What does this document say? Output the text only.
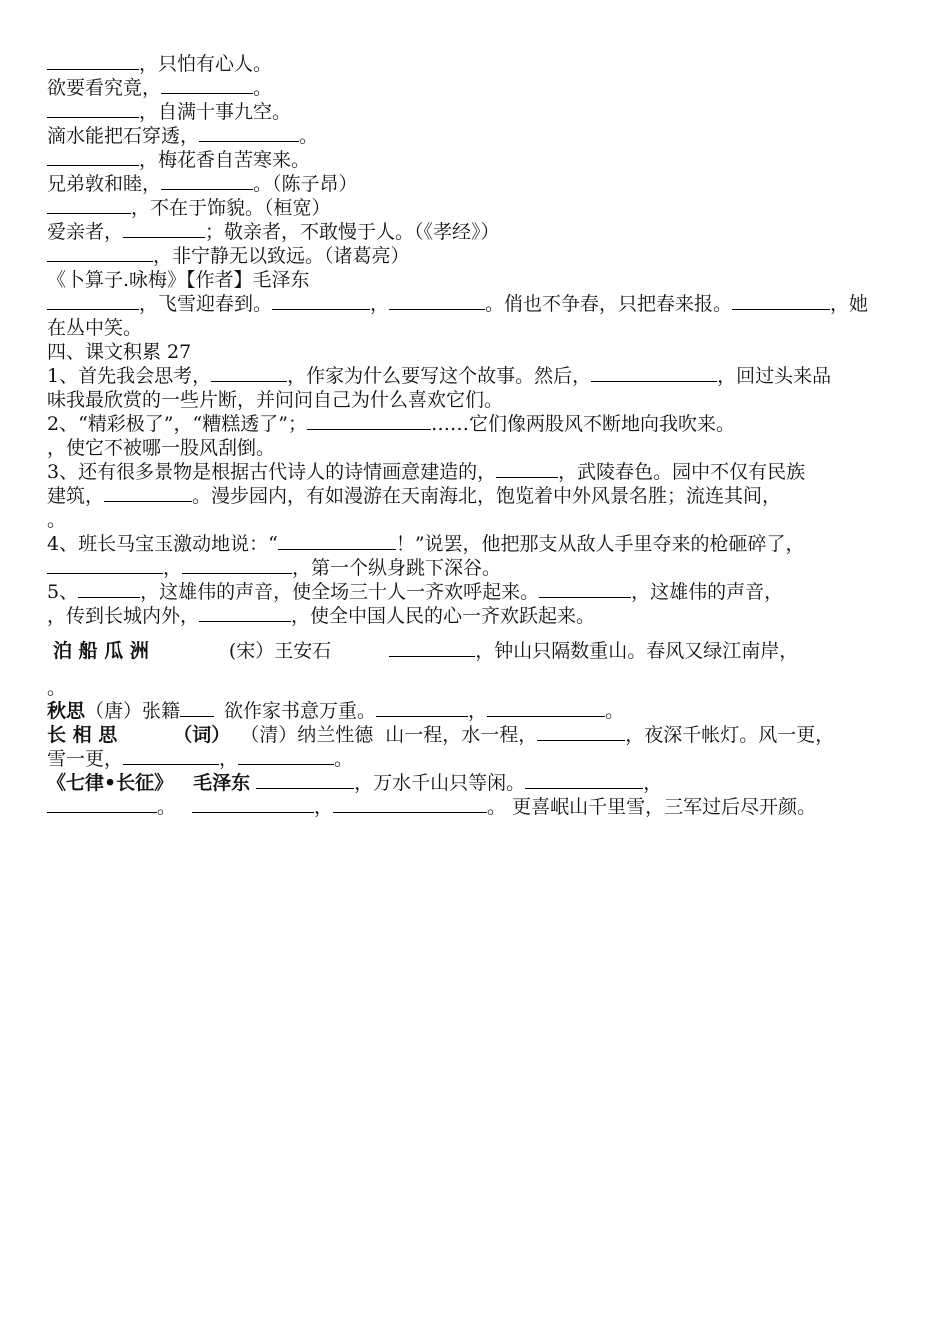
，只怕有心人。
欲要看究竟，	。
，自满十事九空。
滴水能把石穿透，	。
，梅花香自苦寒来。
兄弟敦和睦，	。（陈子昂）
，不在于饰貌。（桓宽）
爱亲者，	；敬亲者，不敢慢于人。（《孝经》）
，非宁静无以致远。（诸葛亮）
《卜算子.咏梅》【作者】毛泽东
，飞雪迎春到。	，	。俏也不争春，只把春来报。	，她
在丛中笑。
四、课文积累 27
1、首先我会思考，	，作家为什么要写这个故事。然后，	，回过头来品
味我最欣赏的一些片断，并问问自己为什么喜欢它们。
2、“精彩极了”，“糟糕透了”；	……它们像两股风不断地向我吹来。
，使它不被哪一股风刮倒。
3、还有很多景物是根据古代诗人的诗情画意建造的，	，武陵春色。园中不仅有民族
建筑，	。漫步园内，有如漫游在天南海北，饱览着中外风景名胜；流连其间，
。
4、班长马宝玉激动地说：“	！”说罢，他把那支从敌人手里夺来的枪砸碎了，
，	，第一个纵身跳下深谷。
5、	，这雄伟的声音，使全场三十人一齐欢呼起来。	，这雄伟的声音，
，传到长城内外，	，使全中国人民的心一齐欢跃起来。
泊 船 瓜 洲	(宋）王安石	，钟山只隔数重山。春风又绿江南岸，
。
秋思（唐）张籍 欲作家书意万重。	，	。
长 相 思	（词） （清）纳兰性德 山一程，水一程，	，夜深千帐灯。风一更，
雪一更，	，	。
《七律•长征》 毛泽东	，万水千山只等闲。	，
。	，	。 更喜岷山千里雪，三军过后尽开颜。
